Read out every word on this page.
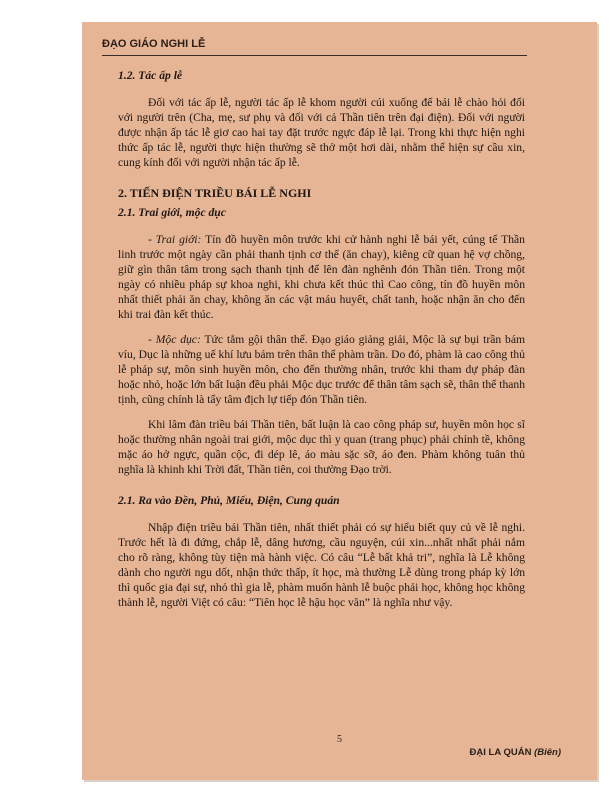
ĐẠO GIÁO NGHI LỄ
1.2. Tác ấp lễ

Đối với tác ấp lễ, người tác ấp lễ khom người cúi xuống để bái lễ chào hỏi đối với người trên (Cha, mẹ, sư phụ và đối với cả Thần tiên trên đại điện). Đối với người được nhận ấp tác lễ giơ cao hai tay đặt trước ngực đáp lễ lại. Trong khi thực hiện nghi thức ấp tác lễ, người thực hiện thường sẽ thở một hơi dài, nhằm thể hiện sự cầu xin, cung kính đối với người nhận tác ấp lễ.

2. TIẾN ĐIỆN TRIỀU BÁI LỄ NGHI
2.1. Trai giới, mộc dục

- Trai giới: Tín đồ huyền môn trước khi cử hành nghi lễ bái yết, cúng tế Thần linh trước một ngày cần phải thanh tịnh cơ thể (ăn chay), kiêng cữ quan hệ vợ chồng, giữ gìn thân tâm trong sạch thanh tịnh để lên đàn nghênh đón Thần tiên. Trong một ngày có nhiều pháp sự khoa nghi, khi chưa kết thúc thì Cao công, tín đồ huyền môn nhất thiết phải ăn chay, không ăn các vật máu huyết, chất tanh, hoặc nhận ăn cho đến khi trai đàn kết thúc.

- Mộc dục: Tức tắm gội thân thể. Đạo giáo giảng giải, Mộc là sự bụi trần bám víu, Dục là những uế khí lưu bám trên thân thể phàm trần. Do đó, phàm là cao công thủ lễ pháp sự, môn sinh huyền môn, cho đến thường nhân, trước khi tham dự pháp đàn hoặc nhỏ, hoặc lớn bất luận đều phải Mộc dục trước để thân tâm sạch sẽ, thân thể thanh tịnh, cũng chính là tẩy tâm địch lự tiếp đón Thần tiên.

Khi lâm đàn triều bái Thần tiên, bất luận là cao công pháp sư, huyền môn học sĩ hoặc thường nhân ngoài trai giới, mộc dục thì y quan (trang phục) phải chỉnh tề, không mặc áo hở ngực, quần cộc, đi dép lê, áo màu sặc sỡ, áo đen. Phàm không tuân thủ nghĩa là khinh khi Trời đất, Thần tiên, coi thường Đạo trời.

2.1. Ra vào Đền, Phủ, Miếu, Điện, Cung quán

Nhập điện triều bái Thần tiên, nhất thiết phải có sự hiểu biết quy củ về lễ nghi. Trước hết là đi đứng, chắp lễ, dâng hương, cầu nguyện, cúi xin...nhất nhất phải nắm cho rõ ràng, không tùy tiện mà hành việc. Có câu “Lễ bất khả tri”, nghĩa là Lễ không dành cho người ngu dốt, nhận thức thấp, ít học, mà thường Lễ dùng trong pháp kỳ lớn thì quốc gia đại sự, nhỏ thì gia lễ, phàm muốn hành lễ buộc phải học, không học không thành lễ, người Việt có câu: “Tiên học lễ hậu học văn” là nghĩa như vậy.

5
ĐẠI LA QUÁN (Biên)
